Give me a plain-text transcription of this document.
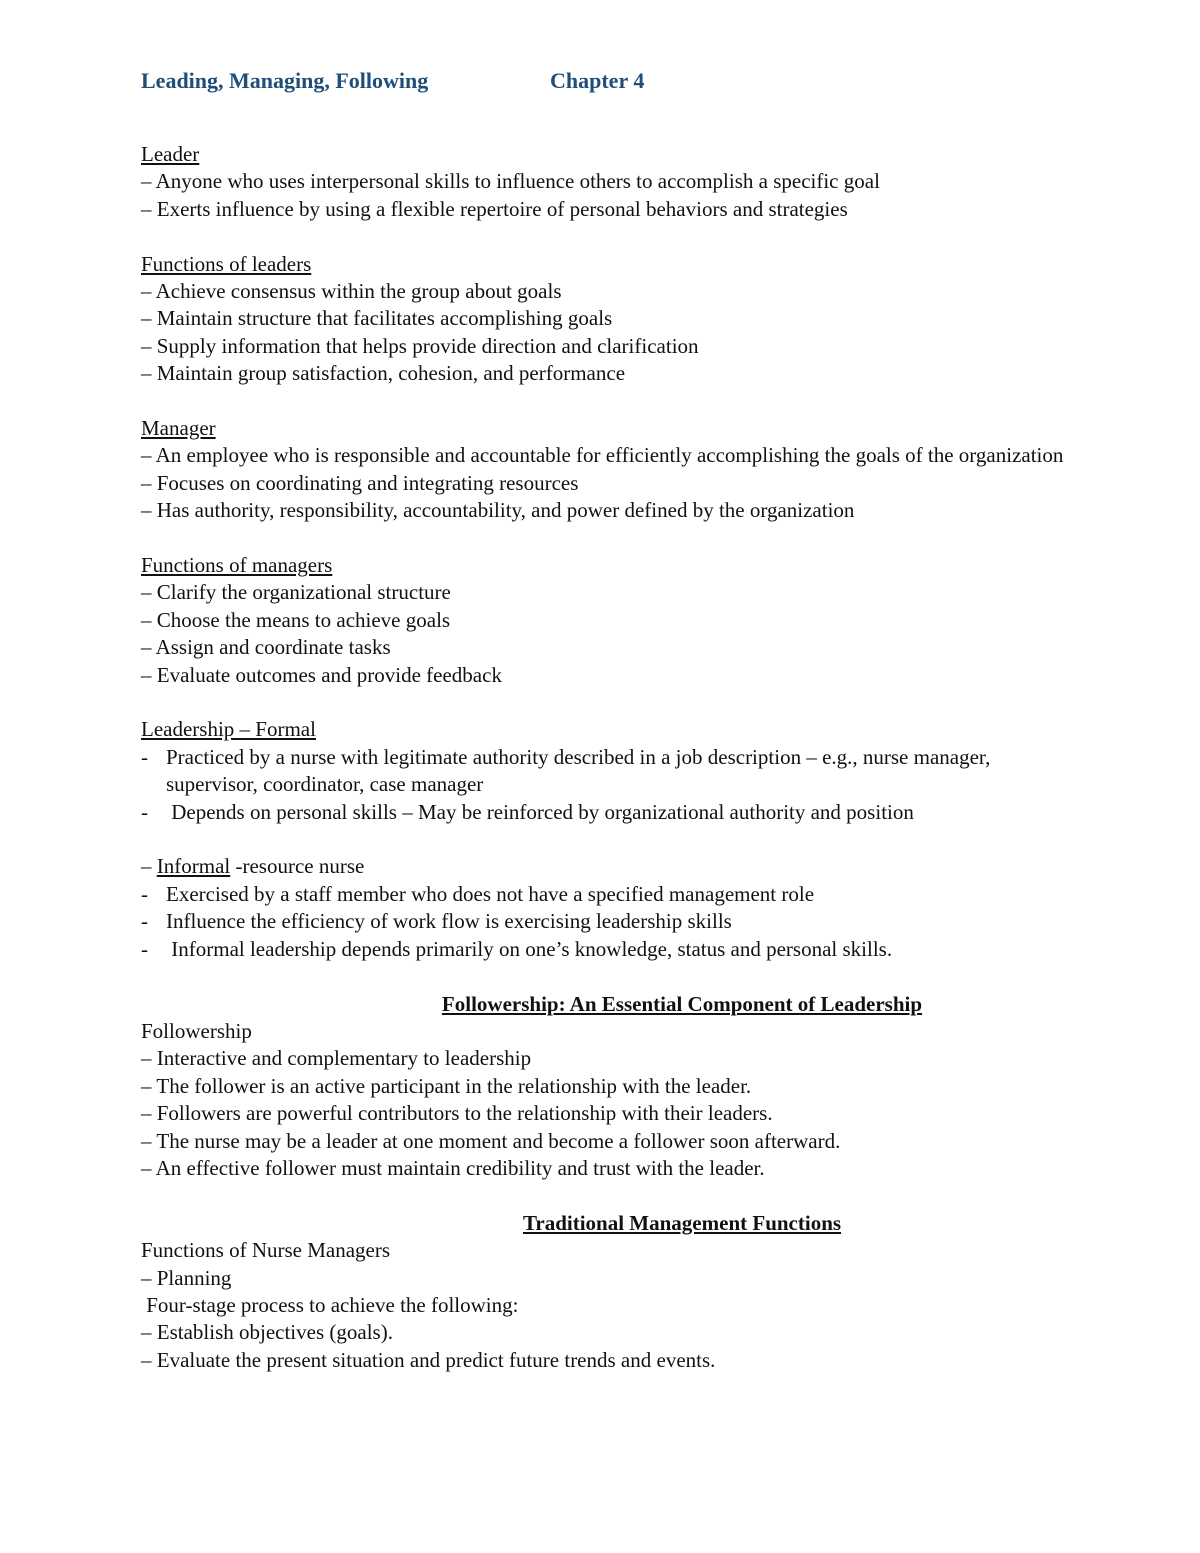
Leading, Managing, Following	Chapter 4
Leader
– Anyone who uses interpersonal skills to influence others to accomplish a specific goal
– Exerts influence by using a flexible repertoire of personal behaviors and strategies
Functions of leaders
– Achieve consensus within the group about goals
– Maintain structure that facilitates accomplishing goals
– Supply information that helps provide direction and clarification
– Maintain group satisfaction, cohesion, and performance
Manager
– An employee who is responsible and accountable for efficiently accomplishing the goals of the organization
– Focuses on coordinating and integrating resources
– Has authority, responsibility, accountability, and power defined by the organization
Functions of managers
– Clarify the organizational structure
– Choose the means to achieve goals
– Assign and coordinate tasks
– Evaluate outcomes and provide feedback
Leadership – Formal
- Practiced by a nurse with legitimate authority described in a job description – e.g., nurse manager, supervisor, coordinator, case manager
- Depends on personal skills – May be reinforced by organizational authority and position
– Informal -resource nurse
- Exercised by a staff member who does not have a specified management role
- Influence the efficiency of work flow is exercising leadership skills
- Informal leadership depends primarily on one’s knowledge, status and personal skills.
Followership: An Essential Component of Leadership
Followership
– Interactive and complementary to leadership
– The follower is an active participant in the relationship with the leader.
– Followers are powerful contributors to the relationship with their leaders.
– The nurse may be a leader at one moment and become a follower soon afterward.
– An effective follower must maintain credibility and trust with the leader.
Traditional Management Functions
Functions of Nurse Managers
– Planning
Four-stage process to achieve the following:
– Establish objectives (goals).
– Evaluate the present situation and predict future trends and events.
